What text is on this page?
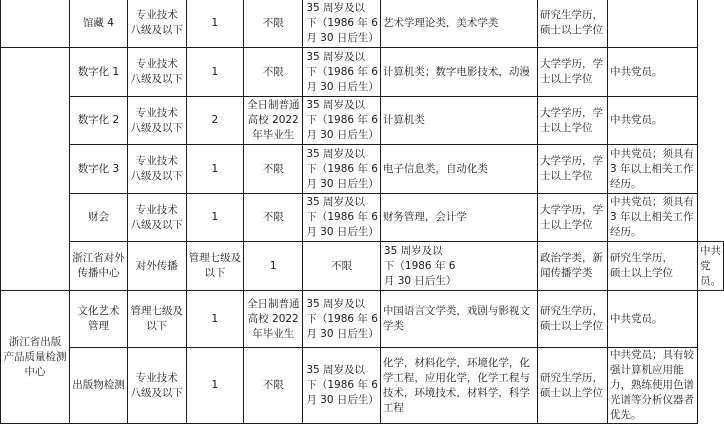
	馆藏 4	专业技术
八级及以下	1	不限	35 周岁及以
下（1986 年 6
月 30 日后生）	艺术学理论类，美术学类	研究生学历，
硕士以上学位		

	数字化 1	专业技术
八级及以下	1	不限	35 周岁及以
下（1986 年 6
月 30 日后生）	计算机类；数字电影技术，动漫	大学学历，学
士以上学位	中共党员。	
	数字化 2	专业技术
八级及以下	2	全日制普通
高校 2022
年毕业生	35 周岁及以
下（1986 年 6
月 30 日后生）	计算机类	大学学历，学
士以上学位	中共党员。	
	数字化 3	专业技术
八级及以下	1	不限	35 周岁及以
下（1986 年 6
月 30 日后生）	电子信息类，自动化类	大学学历，学
士以上学位	中共党员；须具有 3 年以上相关工作经历。	
	财会	专业技术
八级及以下	1	不限	35 周岁及以
下（1986 年 6
月 30 日后生）	财务管理，会计学	大学学历，学
士以上学位	中共党员；须具有 3 年以上相关工作经历。	

	浙江省对外
传播中心	对外传播	管理七级及
以下	1	不限	35 周岁及以
下（1986 年 6
月 30 日后生）	政治学类，新闻传播学类	研究生学历，
硕士以上学位	中共党员。

浙江省出版
产品质量检测
中心	文化艺术
管理	管理七级及
以下	1	全日制普通
高校 2022
年毕业生	35 周岁及以
下（1986 年 6
月 30 日后生）	中国语言文学类，戏剧与影视文学类	研究生学历，
硕士以上学位	中共党员。	
	出版物检测	专业技术
八级及以下	1	不限	35 周岁及以
下（1986 年 6
月 30 日后生）	化学，材料化学，环境化学，化学工程，应用化学，化学工程与技术，环境技术，材料学，科学工程	研究生学历，
硕士以上学位	中共党员；具有较强计算机应用能力，熟练使用色谱光谱等分析仪器者优先。	
